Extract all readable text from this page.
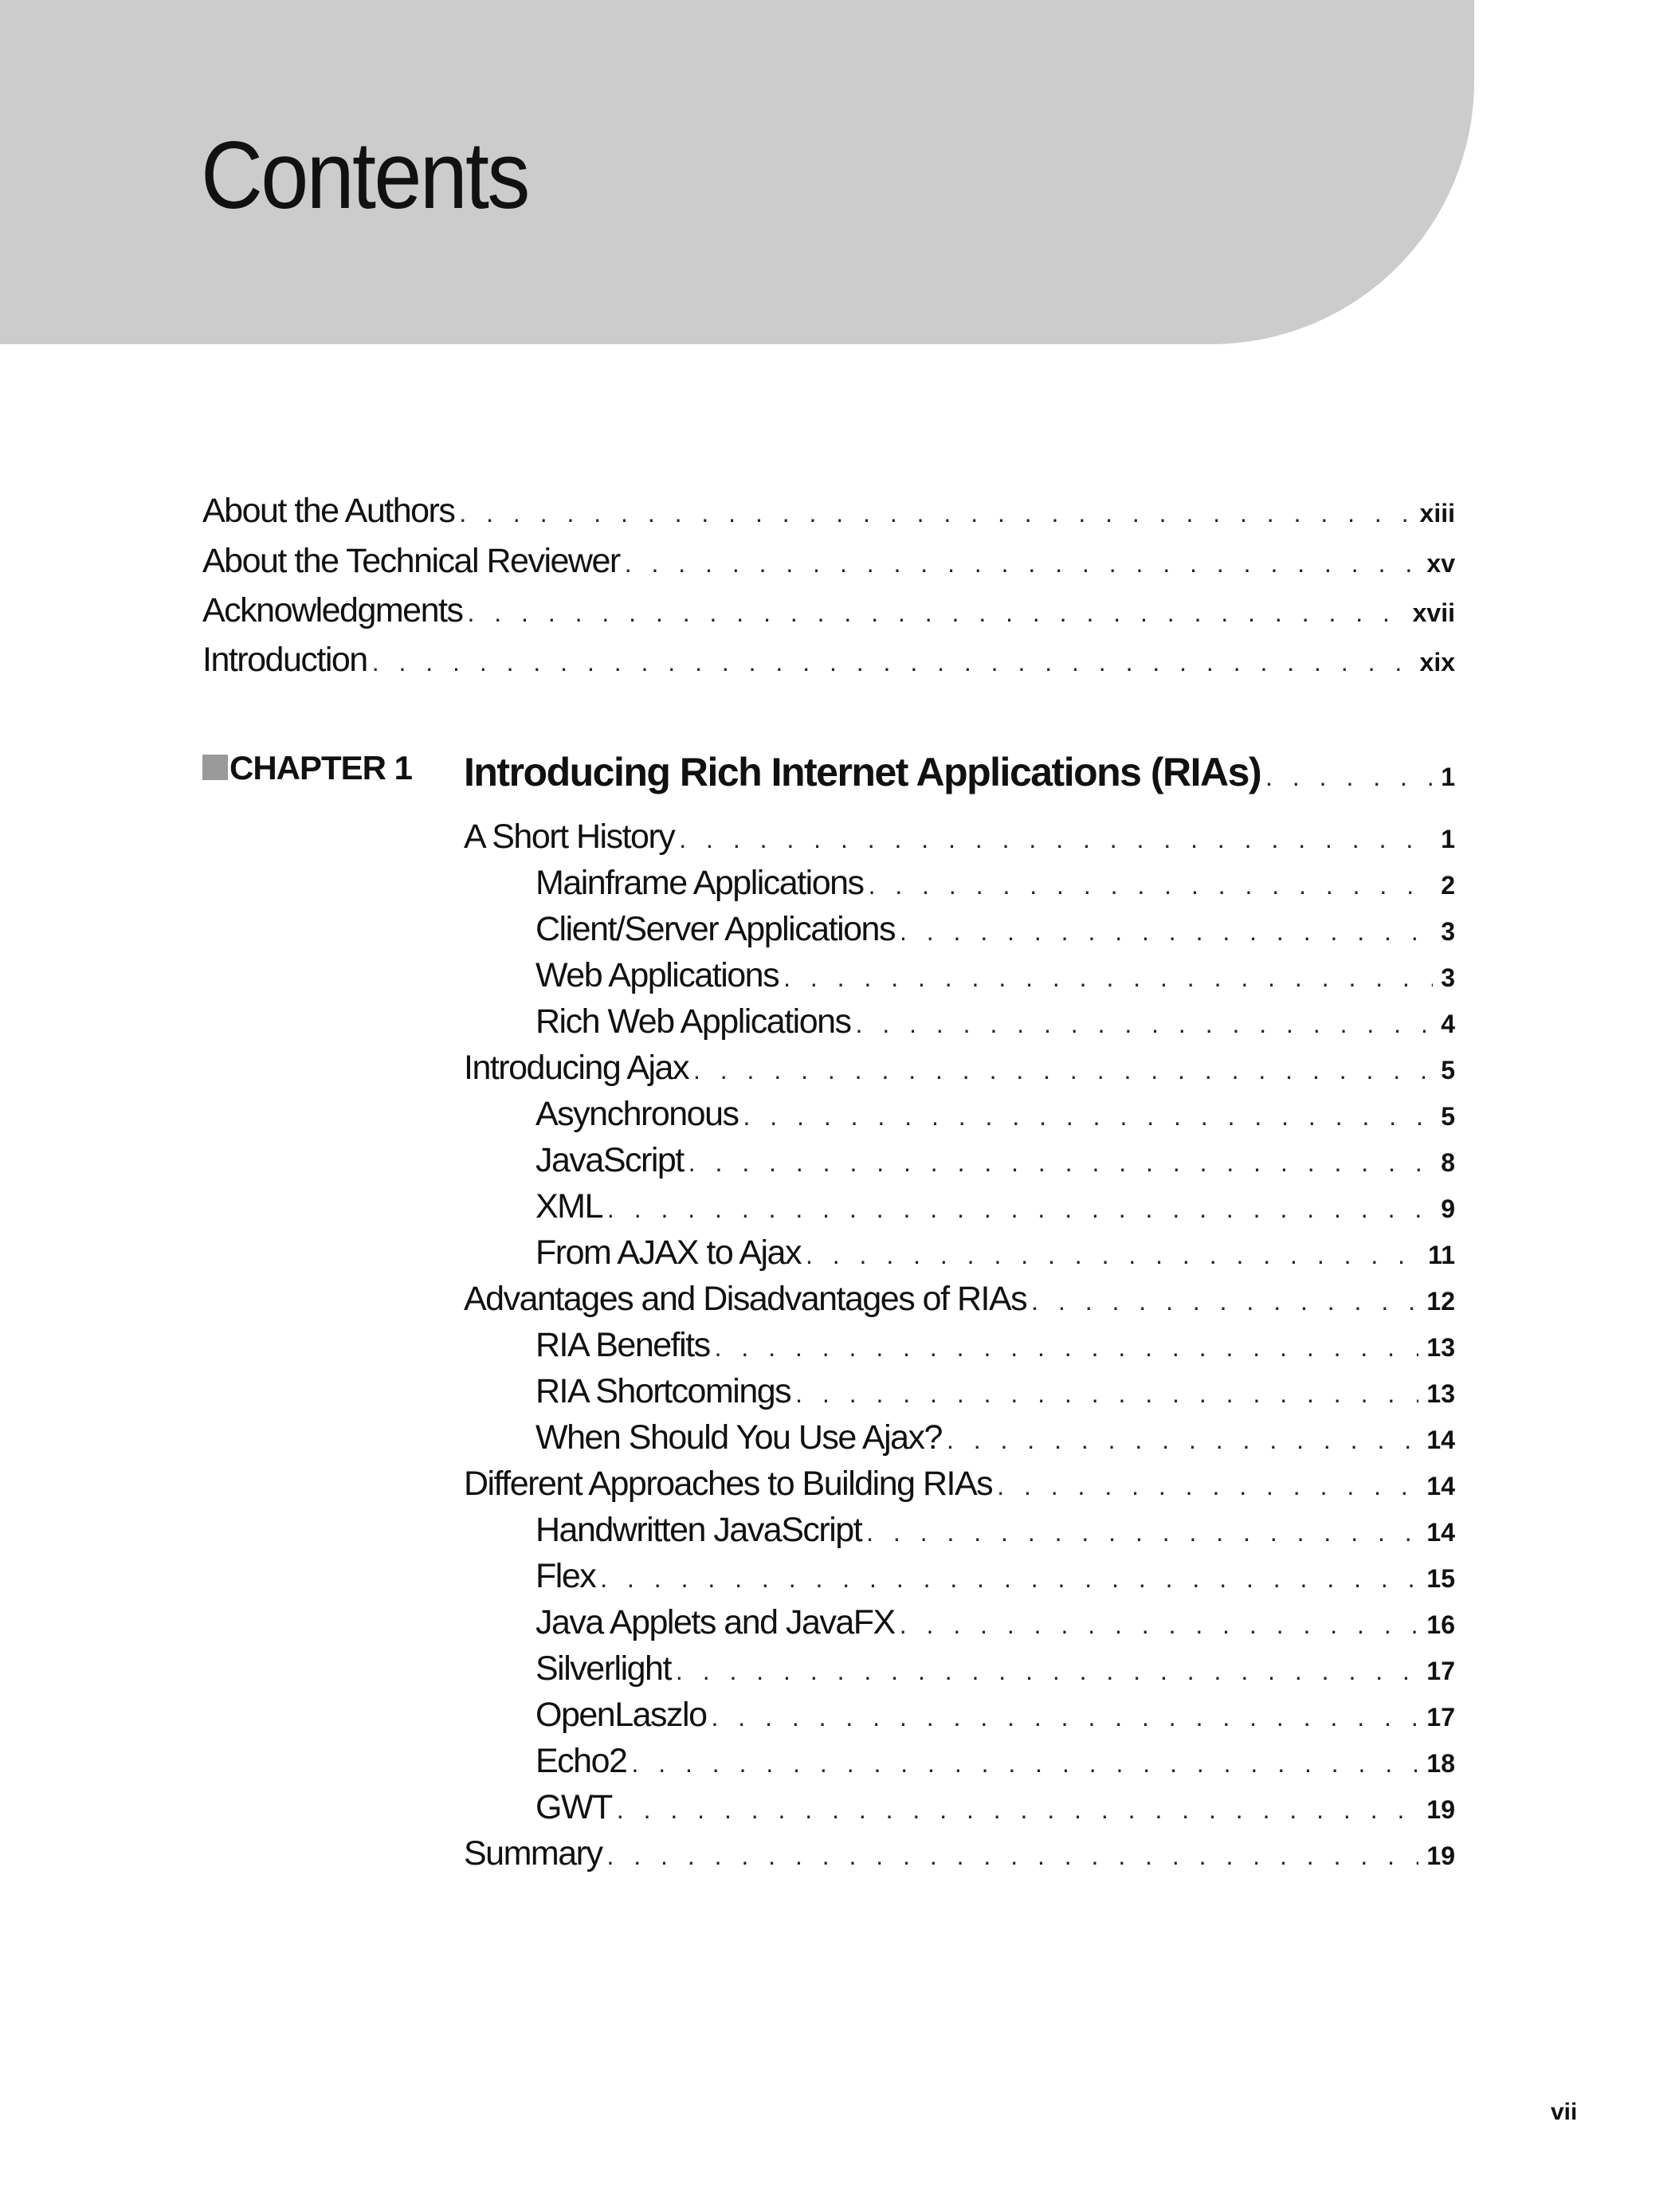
Contents
About the Authors . . .	xiii
About the Technical Reviewer . . .	xv
Acknowledgments . . .	xvii
Introduction . . .	xix
CHAPTER 1 Introducing Rich Internet Applications (RIAs) . . .	1
A Short History . . .	1
Mainframe Applications . . .	2
Client/Server Applications . . .	3
Web Applications . . .	3
Rich Web Applications . . .	4
Introducing Ajax . . .	5
Asynchronous . . .	5
JavaScript . . .	8
XML . . .	9
From AJAX to Ajax . . .	11
Advantages and Disadvantages of RIAs . . .	12
RIA Benefits . . .	13
RIA Shortcomings . . .	13
When Should You Use Ajax? . . .	14
Different Approaches to Building RIAs . . .	14
Handwritten JavaScript . . .	14
Flex . . .	15
Java Applets and JavaFX . . .	16
Silverlight . . .	17
OpenLaszlo . . .	17
Echo2 . . .	18
GWT . . .	19
Summary . . .	19
vii
